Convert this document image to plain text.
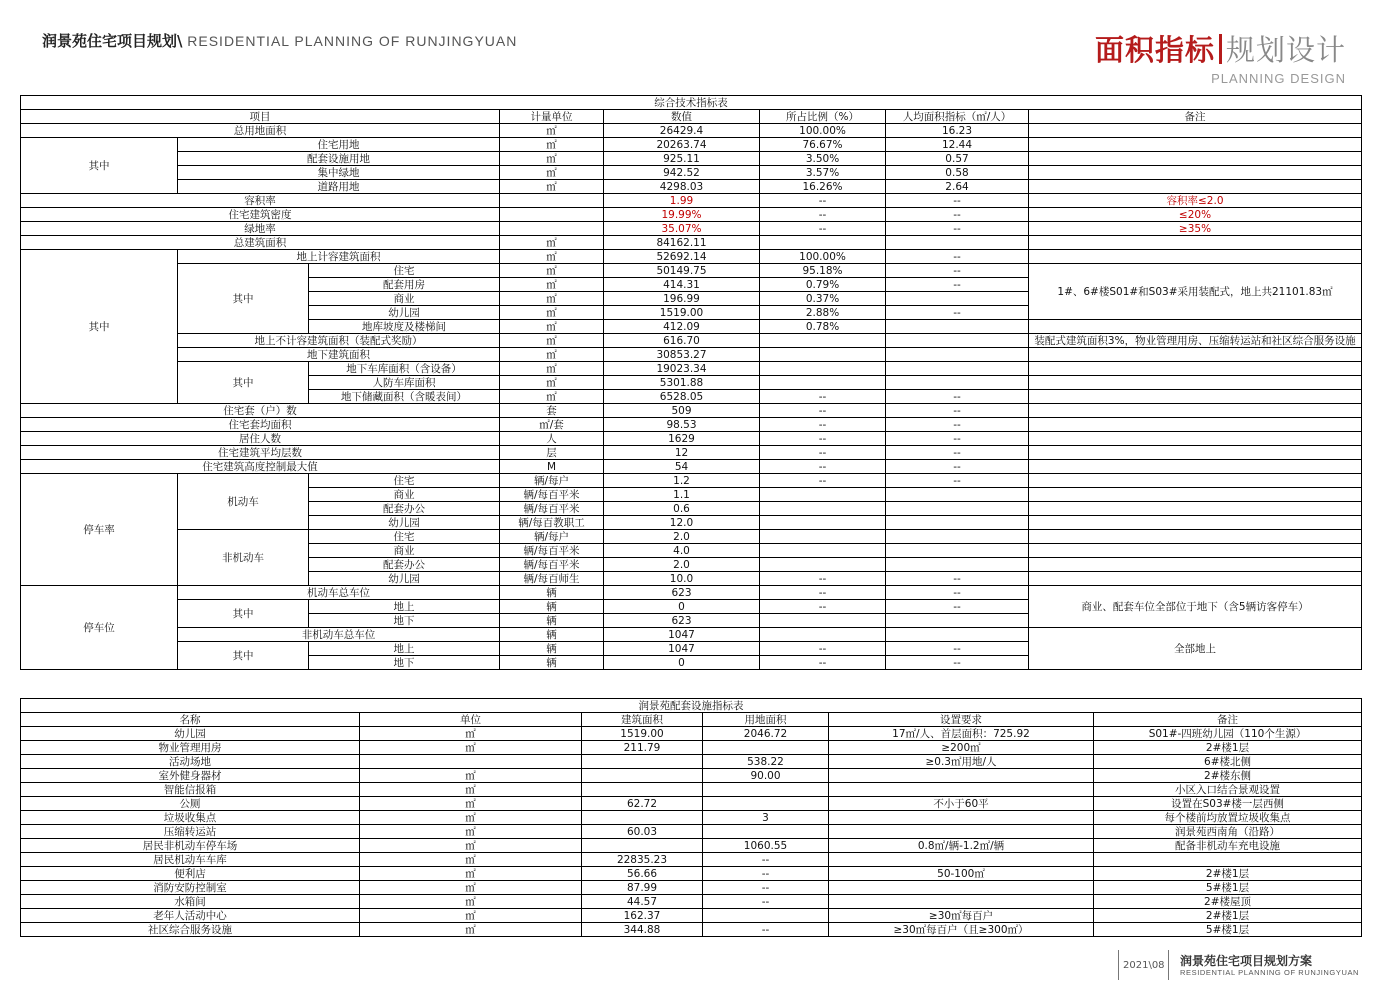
润景苑住宅项目规划\ RESIDENTIAL PLANNING OF RUNJINGYUAN	面积指标 规划设计
PLANNING DESIGN
综合技术指标表							
项目			计量单位	数值	所占比例（%）	人均面积指标（㎡/人）	备注
总用地面积			㎡	26429.4	100.00%	16.23	
其中	住宅用地		㎡	20263.74	76.67%	12.44	
	配套设施用地		㎡	925.11	3.50%	0.57	
	集中绿地		㎡	942.52	3.57%	0.58	
	道路用地		㎡	4298.03	16.26%	2.64	
容积率				1.99	--	--	容积率≤2.0
住宅建筑密度				19.99%	--	--	≤20%
绿地率				35.07%	--	--	≥35%
总建筑面积			㎡	84162.11			
其中	地上计容建筑面积		㎡	52692.14	100.00%	--	
	其中	住宅	㎡	50149.75	95.18%	--	1#、6#楼S01#和S03#采用装配式，地上共21101.83㎡
		配套用房	㎡	414.31	0.79%	--	
		商业	㎡	196.99	0.37%		
		幼儿园	㎡	1519.00	2.88%	--	
		地库坡度及楼梯间	㎡	412.09	0.78%		
	地上不计容建筑面积（装配式奖励）		㎡	616.70			装配式建筑面积3%，物业管理用房、压缩转运站和社区综合服务设施
	地下建筑面积		㎡	30853.27			
	其中	地下车库面积（含设备）	㎡	19023.34			
		人防车库面积	㎡	5301.88			
		地下储藏面积（含暖表间）	㎡	6528.05	--	--	
住宅套（户）数			套	509	--	--	
住宅套均面积			㎡/套	98.53	--	--	
居住人数			人	1629	--	--	
住宅建筑平均层数			层	12	--	--	
住宅建筑高度控制最大值			M	54	--	--	
停车率	机动车	住宅	辆/每户	1.2	--	--	
		商业	辆/每百平米	1.1			
		配套办公	辆/每百平米	0.6			
		幼儿园	辆/每百教职工	12.0			
	非机动车	住宅	辆/每户	2.0			
		商业	辆/每百平米	4.0			
		配套办公	辆/每百平米	2.0			
		幼儿园	辆/每百师生	10.0	--	--	
停车位	机动车总车位		辆	623	--	--	商业、配套车位全部位于地下（含5辆访客停车）
	其中	地上	辆	0	--	--	
		地下	辆	623			
	非机动车总车位		辆	1047			全部地上
	其中	地上	辆	1047	--	--	
		地下	辆	0	--	--	
润景苑配套设施指标表					
名称	单位	建筑面积	用地面积	设置要求	备注
幼儿园	㎡	1519.00	2046.72	17㎡/人、首层面积：725.92	S01#-四班幼儿园（110个生源）
物业管理用房	㎡	211.79		≥200㎡	2#楼1层
活动场地			538.22	≥0.3㎡用地/人	6#楼北侧
室外健身器材	㎡		90.00		2#楼东侧
智能信报箱	㎡				小区入口结合景观设置
公厕	㎡	62.72		不小于60平	设置在S03#楼一层西侧
垃圾收集点	㎡		3		每个楼前均放置垃圾收集点
压缩转运站	㎡	60.03			润景苑西南角（沿路）
居民非机动车停车场	㎡		1060.55	0.8㎡/辆-1.2㎡/辆	配备非机动车充电设施
居民机动车车库	㎡	22835.23	--		
便利店	㎡	56.66	--	50-100㎡	2#楼1层
消防安防控制室	㎡	87.99	--		5#楼1层
水箱间	㎡	44.57	--		2#楼屋顶
老年人活动中心	㎡	162.37		≥30㎡每百户	2#楼1层
社区综合服务设施	㎡	344.88	--	≥30㎡每百户（且≥300㎡）	5#楼1层
2021\08 润景苑住宅项目规划方案
RESIDENTIAL PLANNING OF RUNJINGYUAN
